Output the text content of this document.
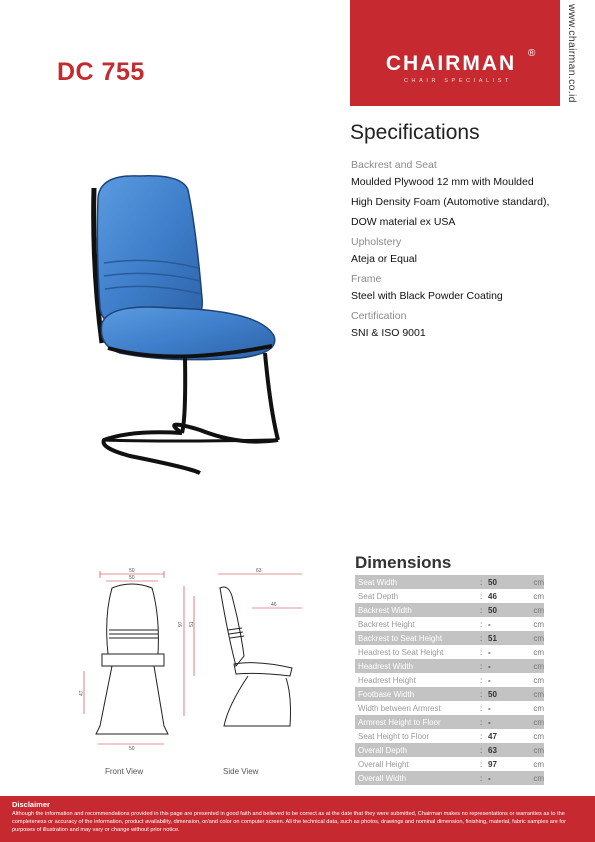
DC 755	CHAIRMAN	®
CHAIR SPECIALIST	www.chairman.co.id
Specifications
Backrest and Seat
Moulded Plywood 12 mm with Moulded
High Density Foam (Automotive standard),
DOW material ex USA
Upholstery
Ateja or Equal
Frame
Steel with Black Powder Coating
Certification
SNI & ISO 9001
50
50
47
50
63
46
97 51
Front View	Side View
Dimensions
Seat Width	: 50	cm
Seat Depth	: 46	cm
Backrest Width	: 50	cm
Backrest Height	: -	cm
Backrest to Seat Height	: 51	cm
Headrest to Seat Height	: -	cm
Headrest Width	: -	cm
Headrest Height	: -	cm
Footbase Width	: 50	cm
Width between Armrest	: -	cm
Armrest Height to Floor	: -	cm
Seat Height to Floor	: 47	cm
Overall Depth	: 63	cm
Overall Height	: 97	cm
Overall Width	: -	cm
Disclaimer
Although the information and recommendations provided in this page are presented in good faith and believed to be correct as at the date that they were submitted, Chairman makes no representations or warranties as to the completeness or accuracy of the information, product availability, dimension, or/and color on computer screen. All the technical data, such as photos, drawings and nominal dimension, finishing, material, fabric samples are for purposes of illustration and may vary or change without prior notice.
